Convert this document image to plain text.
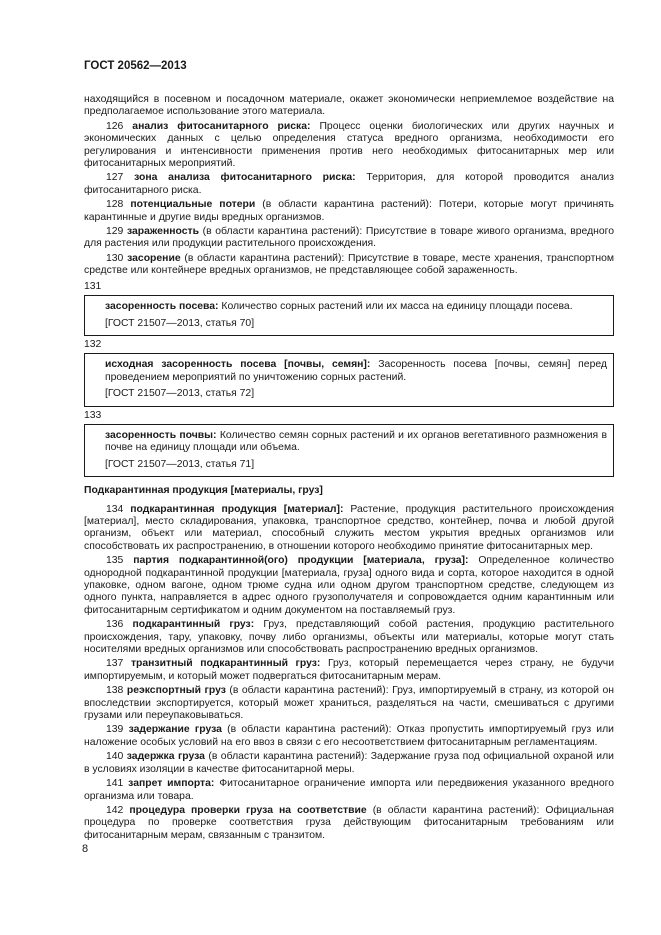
ГОСТ 20562—2013

находящийся в посевном и посадочном материале, окажет экономически неприемлемое воздействие на предполагаемое использование этого материала.

126 анализ фитосанитарного риска: Процесс оценки биологических или других научных и экономических данных с целью определения статуса вредного организма, необходимости его регулирования и интенсивности применения против него необходимых фитосанитарных мер или фитосанитарных мероприятий.

127 зона анализа фитосанитарного риска: Территория, для которой проводится анализ фитосанитарного риска.

128 потенциальные потери (в области карантина растений): Потери, которые могут причинять карантинные и другие виды вредных организмов.

129 зараженность (в области карантина растений): Присутствие в товаре живого организма, вредного для растения или продукции растительного происхождения.

130 засорение (в области карантина растений): Присутствие в товаре, месте хранения, транспортном средстве или контейнере вредных организмов, не представляющее собой зараженность.

131

засоренность посева: Количество сорных растений или их масса на единицу площади посева.

[ГОСТ 21507—2013, статья 70]

132

исходная засоренность посева [почвы, семян]: Засоренность посева [почвы, семян] перед проведением мероприятий по уничтожению сорных растений.

[ГОСТ 21507—2013, статья 72]

133

засоренность почвы: Количество семян сорных растений и их органов вегетативного размножения в почве на единицу площади или объема.

[ГОСТ 21507—2013, статья 71]

Подкарантинная продукция [материалы, груз]

134 подкарантинная продукция [материал]: Растение, продукция растительного происхождения [материал], место складирования, упаковка, транспортное средство, контейнер, почва и любой другой организм, объект или материал, способный служить местом укрытия вредных организмов или способствовать их распространению, в отношении которого необходимо принятие фитосанитарных мер.

135 партия подкарантинной(ого) продукции [материала, груза]: Определенное количество однородной подкарантинной продукции [материала, груза] одного вида и сорта, которое находится в одной упаковке, одном вагоне, одном трюме судна или одном другом транспортном средстве, следующем из одного пункта, направляется в адрес одного грузополучателя и сопровождается одним карантинным или фитосанитарным сертификатом и одним документом на поставляемый груз.

136 подкарантинный груз: Груз, представляющий собой растения, продукцию растительного происхождения, тару, упаковку, почву либо организмы, объекты или материалы, которые могут стать носителями вредных организмов или способствовать распространению вредных организмов.

137 транзитный подкарантинный груз: Груз, который перемещается через страну, не будучи импортируемым, и который может подвергаться фитосанитарным мерам.

138 реэкспортный груз (в области карантина растений): Груз, импортируемый в страну, из которой он впоследствии экспортируется, который может храниться, разделяться на части, смешиваться с другими грузами или переупаковываться.

139 задержание груза (в области карантина растений): Отказ пропустить импортируемый груз или наложение особых условий на его ввоз в связи с его несоответствием фитосанитарным регламентациям.

140 задержка груза (в области карантина растений): Задержание груза под официальной охраной или в условиях изоляции в качестве фитосанитарной меры.

141 запрет импорта: Фитосанитарное ограничение импорта или передвижения указанного вредного организма или товара.

142 процедура проверки груза на соответствие (в области карантина растений): Официальная процедура по проверке соответствия груза действующим фитосанитарным требованиям или фитосанитарным мерам, связанным с транзитом.

8
